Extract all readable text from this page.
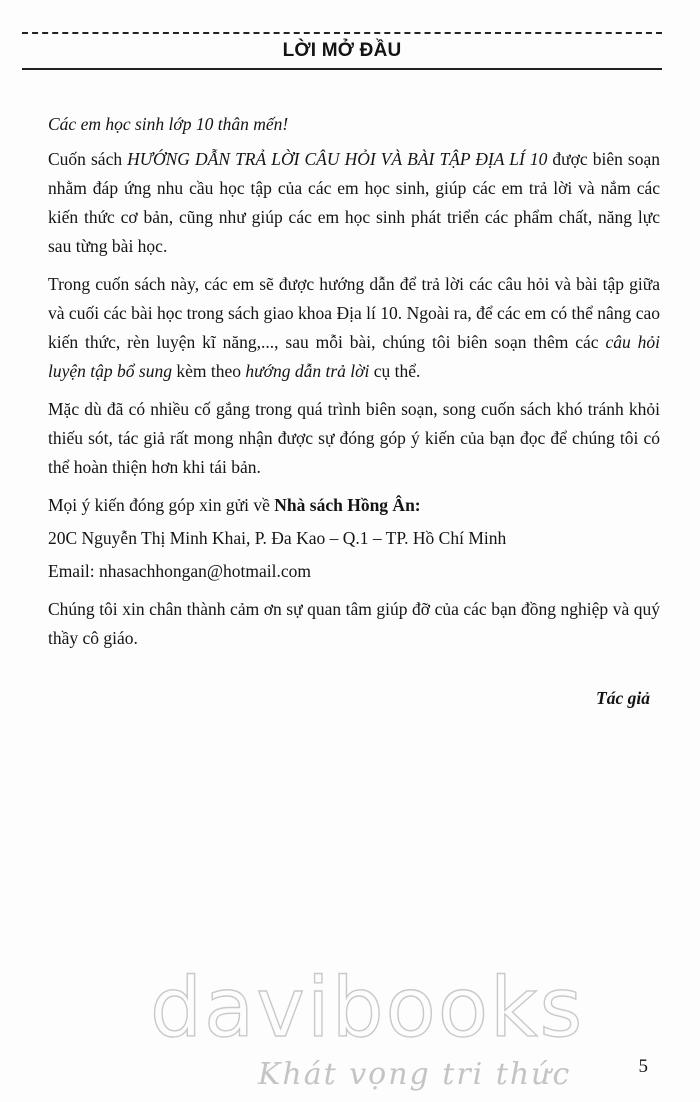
LỜI MỞ ĐẦU

Các em học sinh lớp 10 thân mến!

Cuốn sách HƯỚNG DẪN TRẢ LỜI CÂU HỎI VÀ BÀI TẬP ĐỊA LÍ 10 được biên soạn nhằm đáp ứng nhu cầu học tập của các em học sinh, giúp các em trả lời và nắm các kiến thức cơ bản, cũng như giúp các em học sinh phát triển các phẩm chất, năng lực sau từng bài học.

Trong cuốn sách này, các em sẽ được hướng dẫn để trả lời các câu hỏi và bài tập giữa và cuối các bài học trong sách giao khoa Địa lí 10. Ngoài ra, để các em có thể nâng cao kiến thức, rèn luyện kĩ năng,..., sau mỗi bài, chúng tôi biên soạn thêm các câu hỏi luyện tập bổ sung kèm theo hướng dẫn trả lời cụ thể.

Mặc dù đã có nhiều cố gắng trong quá trình biên soạn, song cuốn sách khó tránh khỏi thiếu sót, tác giả rất mong nhận được sự đóng góp ý kiến của bạn đọc để chúng tôi có thể hoàn thiện hơn khi tái bản.

Mọi ý kiến đóng góp xin gửi về Nhà sách Hồng Ân:

20C Nguyễn Thị Minh Khai, P. Đa Kao – Q.1 – TP. Hồ Chí Minh

Email: nhasachhongan@hotmail.com

Chúng tôi xin chân thành cảm ơn sự quan tâm giúp đỡ của các bạn đồng nghiệp và quý thầy cô giáo.

Tác giả
davibooks
Khát vọng tri thức	5
